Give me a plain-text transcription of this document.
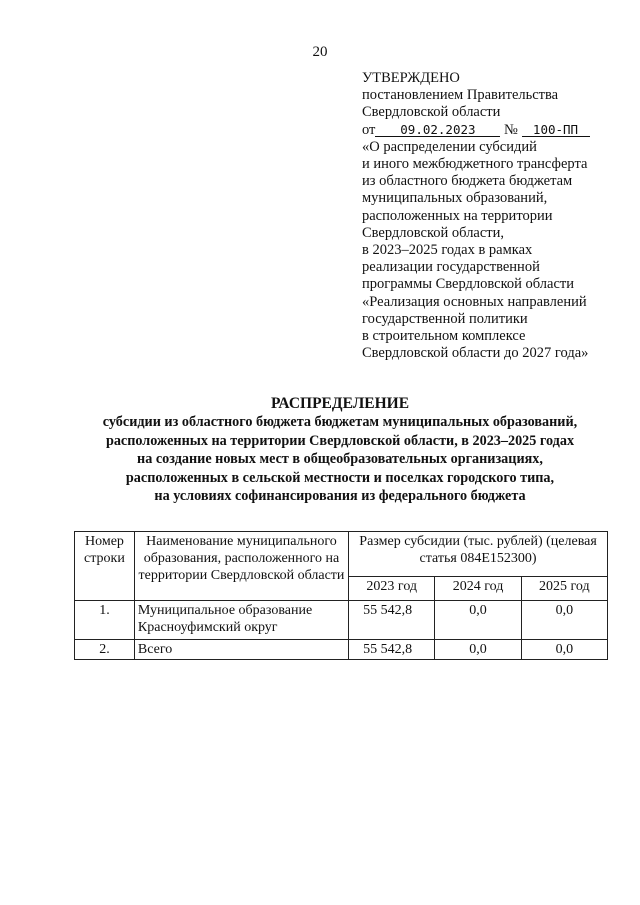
20
УТВЕРЖДЕНО
постановлением Правительства
Свердловской области
от 09.02.2023 № 100-ПП
«О распределении субсидий
и иного межбюджетного трансферта
из областного бюджета бюджетам
муниципальных образований,
расположенных на территории
Свердловской области,
в 2023–2025 годах в рамках
реализации государственной
программы Свердловской области
«Реализация основных направлений
государственной политики
в строительном комплексе
Свердловской области до 2027 года»
РАСПРЕДЕЛЕНИЕ
субсидии из областного бюджета бюджетам муниципальных образований,
расположенных на территории Свердловской области, в 2023–2025 годах
на создание новых мест в общеобразовательных организациях,
расположенных в сельской местности и поселках городского типа,
на условиях софинансирования из федерального бюджета
Номер строки	Наименование муниципального образования, расположенного на территории Свердловской области	Размер субсидии (тыс. рублей) (целевая статья 084Е152300)		
		2023 год	2024 год	2025 год
1.	Муниципальное образование Красноуфимский округ	55 542,8	0,0	0,0
2.	Всего	55 542,8	0,0	0,0
